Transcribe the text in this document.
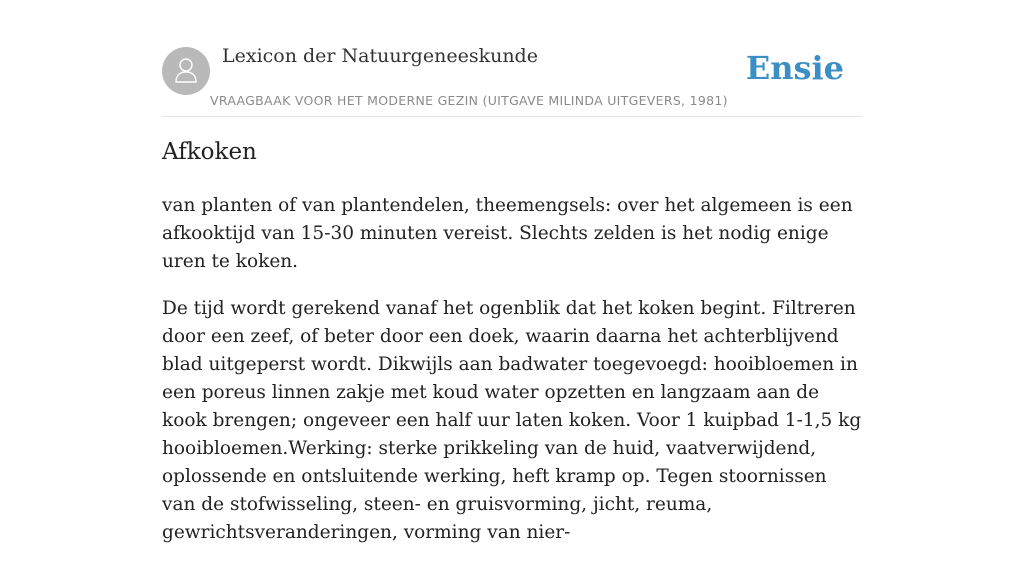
Lexicon der Natuurgeneeskunde
VRAAGBAAK VOOR HET MODERNE GEZIN (UITGAVE MILINDA UITGEVERS, 1981)
Ensie
Afkoken

van planten of van plantendelen, theemengsels: over het algemeen is een afkooktijd van 15-30 minuten vereist. Slechts zelden is het nodig enige uren te koken.

De tijd wordt gerekend vanaf het ogenblik dat het koken begint. Filtreren door een zeef, of beter door een doek, waarin daarna het achterblijvend blad uitgeperst wordt. Dikwijls aan badwater toegevoegd: hooibloemen in een poreus linnen zakje met koud water opzetten en langzaam aan de kook brengen; ongeveer een half uur laten koken. Voor 1 kuipbad 1-1,5 kg hooibloemen.Werking: sterke prikkeling van de huid, vaatverwijdend, oplossende en ontsluitende werking, heft kramp op. Tegen stoornissen van de stofwisseling, steen- en gruisvorming, jicht, reuma, gewrichtsveranderingen, vorming van nier-
